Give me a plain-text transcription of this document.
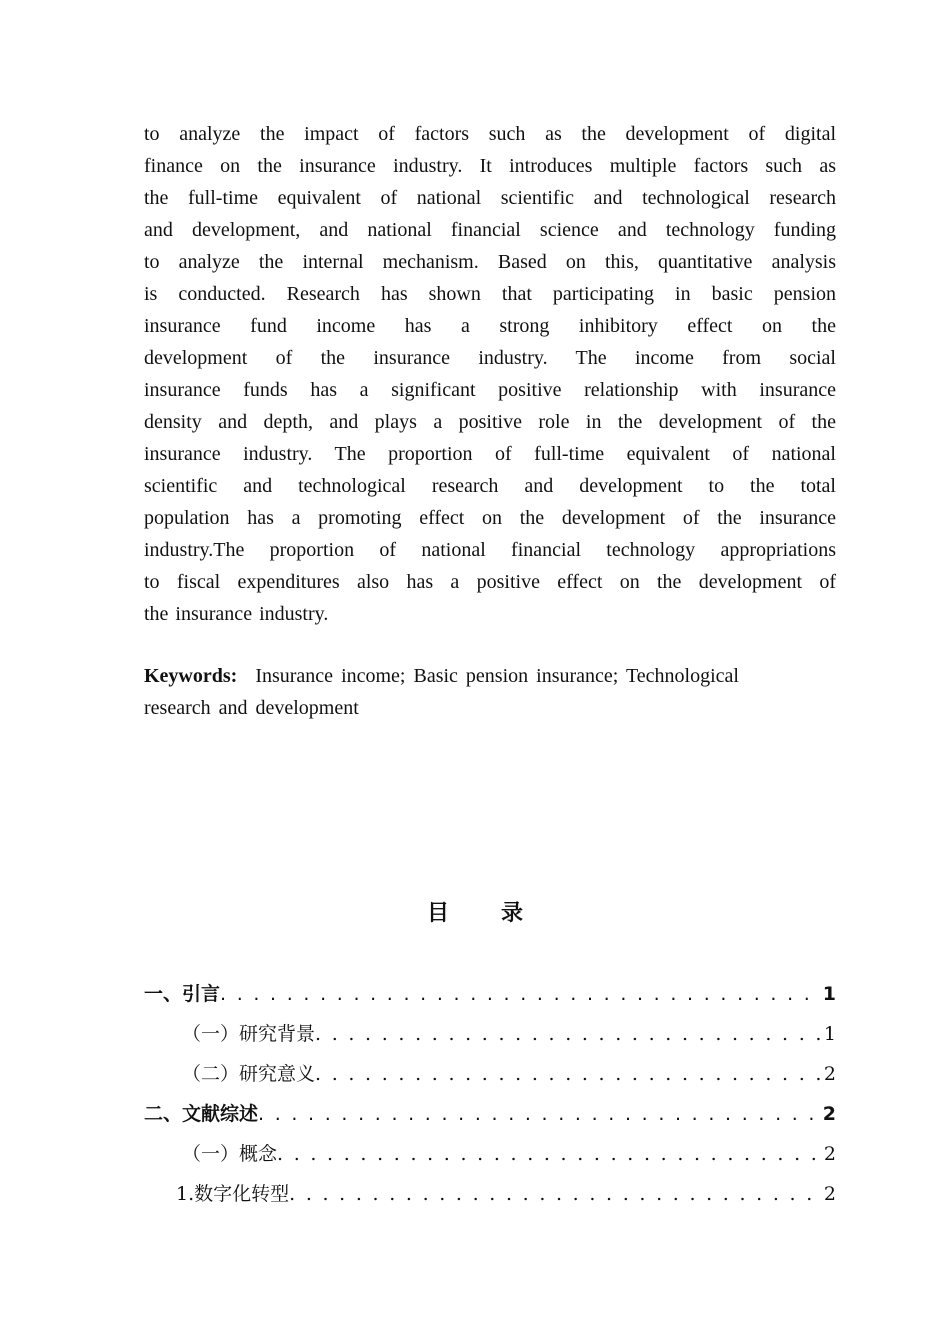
to analyze the impact of factors such as the development of digital
finance on the insurance industry. It introduces multiple factors such as
the full-time equivalent of national scientific and technological research
and development, and national financial science and technology funding
to analyze the internal mechanism. Based on this, quantitative analysis
is conducted. Research has shown that participating in basic pension
insurance fund income has a strong inhibitory effect on the
development of the insurance industry. The income from social
insurance funds has a significant positive relationship with insurance
density and depth, and plays a positive role in the development of the
insurance industry. The proportion of full-time equivalent of national
scientific and technological research and development to the total
population has a promoting effect on the development of the insurance
industry.The proportion of national financial technology appropriations
to fiscal expenditures also has a positive effect on the development of
the insurance industry.
Keywords: Insurance income; Basic pension insurance; Technological
research and development
目 录
一、引言 . . .	1
（一）研究背景 . . .	1
（二）研究意义 . . .	2
二、文献综述 . . .	2
（一）概念 . . .	2
1.数字化转型 . . .	2
